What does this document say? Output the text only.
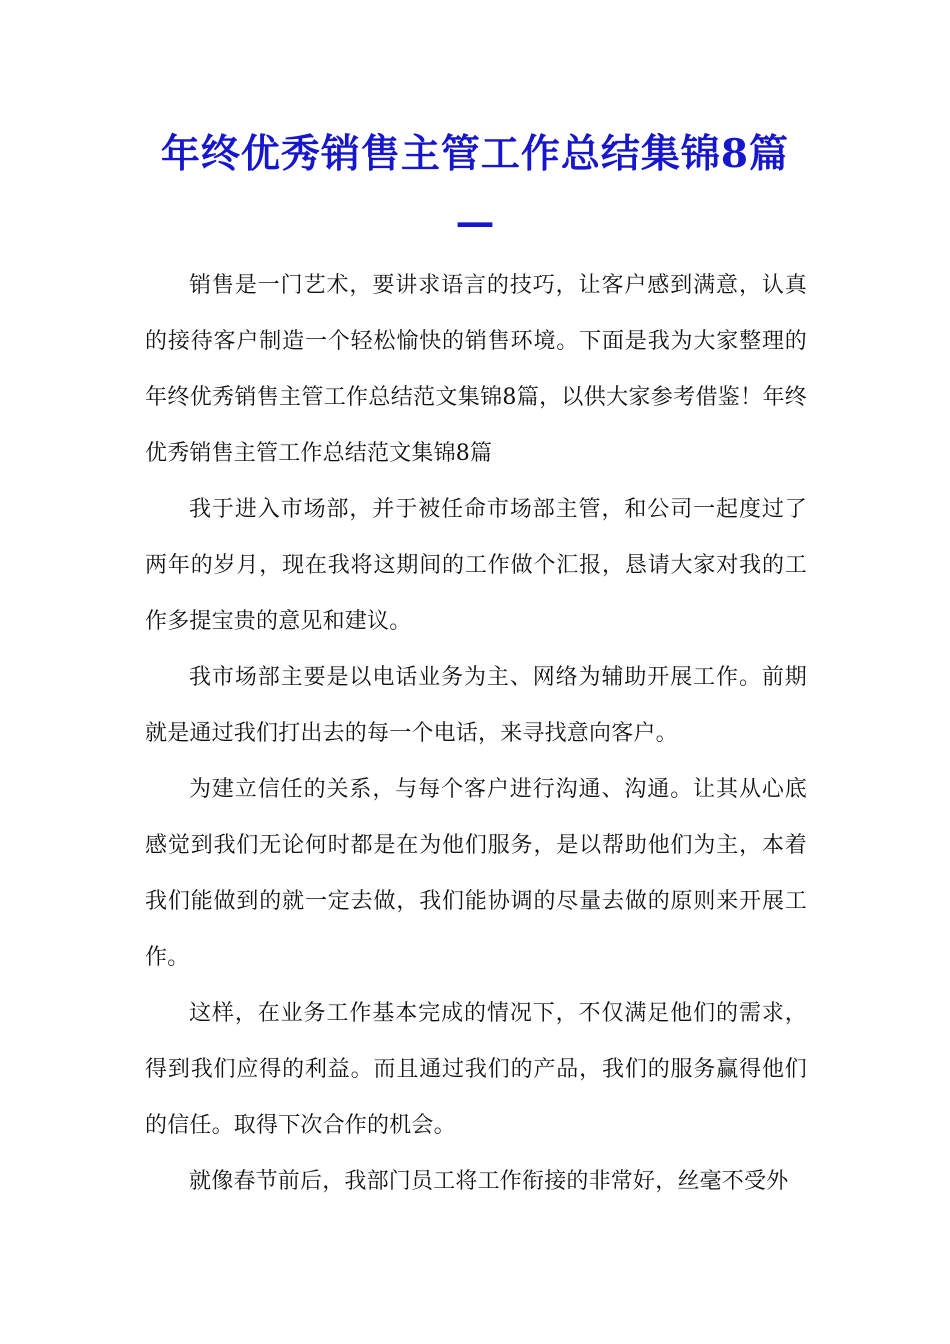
年终优秀销售主管工作总结集锦8篇
—

销售是一门艺术，要讲求语言的技巧，让客户感到满意，认真的接待客户制造一个轻松愉快的销售环境。下面是我为大家整理的年终优秀销售主管工作总结范文集锦8篇，以供大家参考借鉴！年终优秀销售主管工作总结范文集锦8篇

我于进入市场部，并于被任命市场部主管，和公司一起度过了两年的岁月，现在我将这期间的工作做个汇报，恳请大家对我的工作多提宝贵的意见和建议。

我市场部主要是以电话业务为主、网络为辅助开展工作。前期就是通过我们打出去的每一个电话，来寻找意向客户。

为建立信任的关系，与每个客户进行沟通、沟通。让其从心底感觉到我们无论何时都是在为他们服务，是以帮助他们为主，本着我们能做到的就一定去做，我们能协调的尽量去做的原则来开展工作。

这样，在业务工作基本完成的情况下，不仅满足他们的需求，得到我们应得的利益。而且通过我们的产品，我们的服务赢得他们的信任。取得下次合作的机会。

就像春节前后，我部门员工将工作衔接的非常好，丝毫不受外
